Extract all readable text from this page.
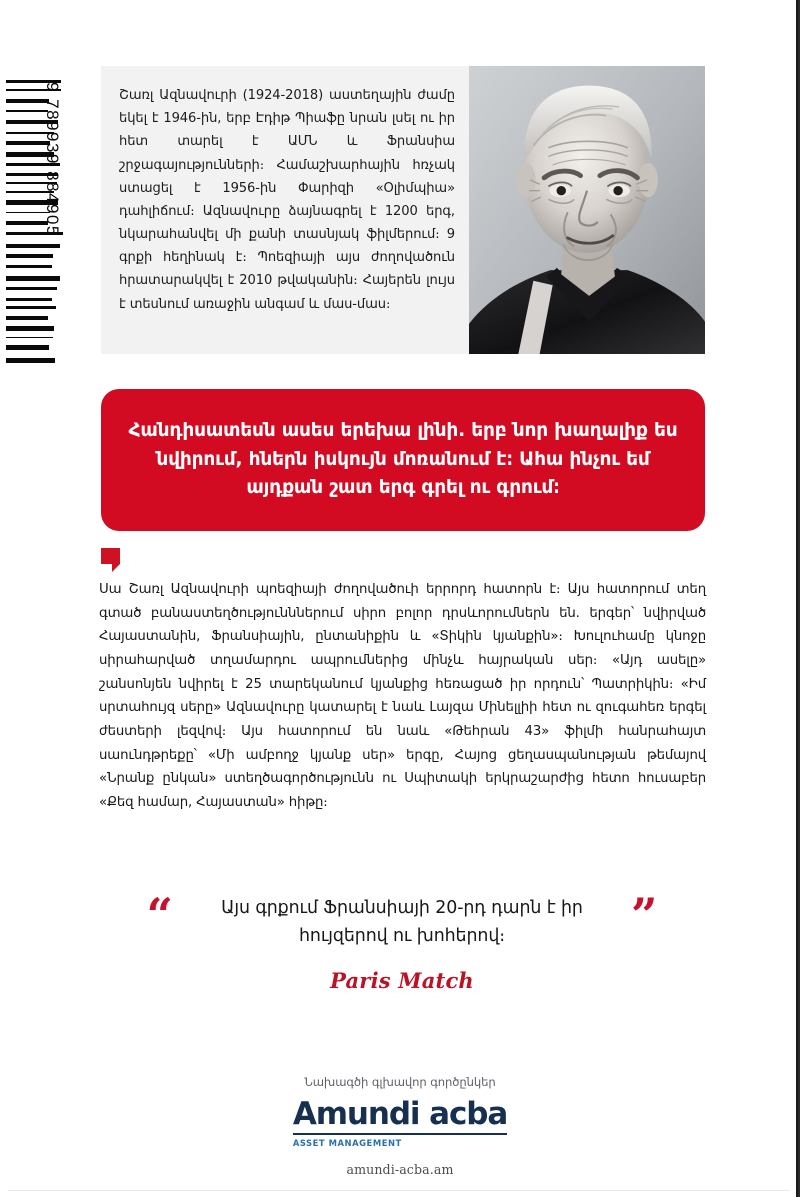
9 789939 884905	Շառլ Ազնավուրի (1924-2018) աստեղային ժամը եկել է 1946-ին, երբ Էդիթ Պիաֆը նրան լսել ու իր հետ տարել է ԱՄՆ և Ֆրանսիա շրջագայությունների։ Համաշխարհային հռչակ ստացել է 1956-ին Փարիզի «Օլիմպիա» դահլիճում։ Ազնավուրը ձայնագրել է 1200 երգ, նկարահանվել մի քանի տասնյակ ֆիլմերում։ 9 գրքի հեղինակ է։ Պոեզիայի այս ժողովածուն հրատարակվել է 2010 թվականին։ Հայերեն լույս է տեսնում առաջին անգամ և մաս-մաս։
Հանդիսատեսն ասես երեխա լինի. երբ նոր խաղալիք ես նվիրում, հներն իսկույն մոռանում է։ Ահա ինչու եմ այդքան շատ երգ գրել ու գրում։
Սա Շառլ Ազնավուրի պոեզիայի ժողովածուի երրորդ հատորն է։ Այս հատորում տեղ գտած բանաստեղծությունններում սիրո բոլոր դրսևորումներն են. երգեր՝ նվիրված Հայաստանին, Ֆրանսիային, ընտանիքին և «Տիկին կյանքին»։ Խուլուհամը կնոջը սիրահարված տղամարդու ապրումներից մինչև հայրական սեր։ «Այդ ասելը» շանսոնյեն նվիրել է 25 տարեկանում կյանքից հեռացած իր որդուն՝ Պատրիկին։ «Իմ սրտահույզ սերը» Ազնավուրը կատարել է նաև Լայզա Մինելլիի հետ ու զուգահեռ երգել ժեստերի լեզվով։ Այս հատորում են նաև «Թեհրան 43» ֆիլմի հանրահայտ սաունդթրեքը՝ «Մի ամբողջ կյանք սեր» երգը, Հայոց ցեղասպանության թեմայով «Նրանք ընկան» ստեղծագործությունն ու Սպիտակի երկրաշարժից հետո հուսաբեր «Քեզ համար, Հայաստան» հիթը։
“	Այս գրքում Ֆրանսիայի 20-րդ դարն է իր հույզերով ու խոհերով։	”
Paris Match
Նախագծի գլխավոր գործընկեր
Amundi acba
ASSET MANAGEMENT
amundi-acba.am
